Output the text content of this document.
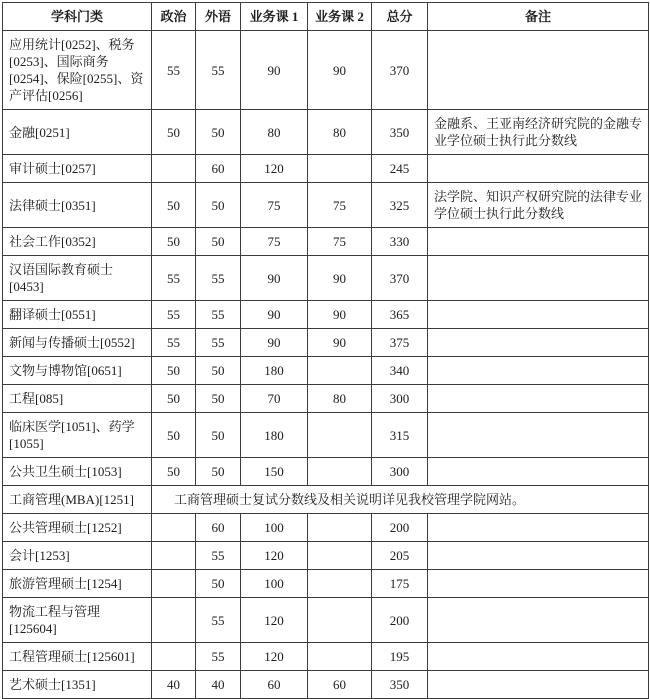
学科门类	政治	外语	业务课 1	业务课 2	总分	备注
应用统计[0252]、税务[0253]、国际商务[0254]、保险[0255]、资产评估[0256]	55	55	90	90	370	
金融[0251]	50	50	80	80	350	金融系、王亚南经济研究院的金融专业学位硕士执行此分数线
审计硕士[0257]		60	120		245	
法律硕士[0351]	50	50	75	75	325	法学院、知识产权研究院的法律专业学位硕士执行此分数线
社会工作[0352]	50	50	75	75	330	
汉语国际教育硕士[0453]	55	55	90	90	370	
翻译硕士[0551]	55	55	90	90	365	
新闻与传播硕士[0552]	55	55	90	90	375	
文物与博物馆[0651]	50	50	180		340	
工程[085]	50	50	70	80	300	
临床医学[1051]、药学[1055]	50	50	180		315	
公共卫生硕士[1053]	50	50	150		300	
工商管理(MBA)[1251]	工商管理硕士复试分数线及相关说明详见我校管理学院网站。					
公共管理硕士[1252]		60	100		200	
会计[1253]		55	120		205	
旅游管理硕士[1254]		50	100		175	
物流工程与管理[125604]		55	120		200	
工程管理硕士[125601]		55	120		195	
艺术硕士[1351]	40	40	60	60	350	
